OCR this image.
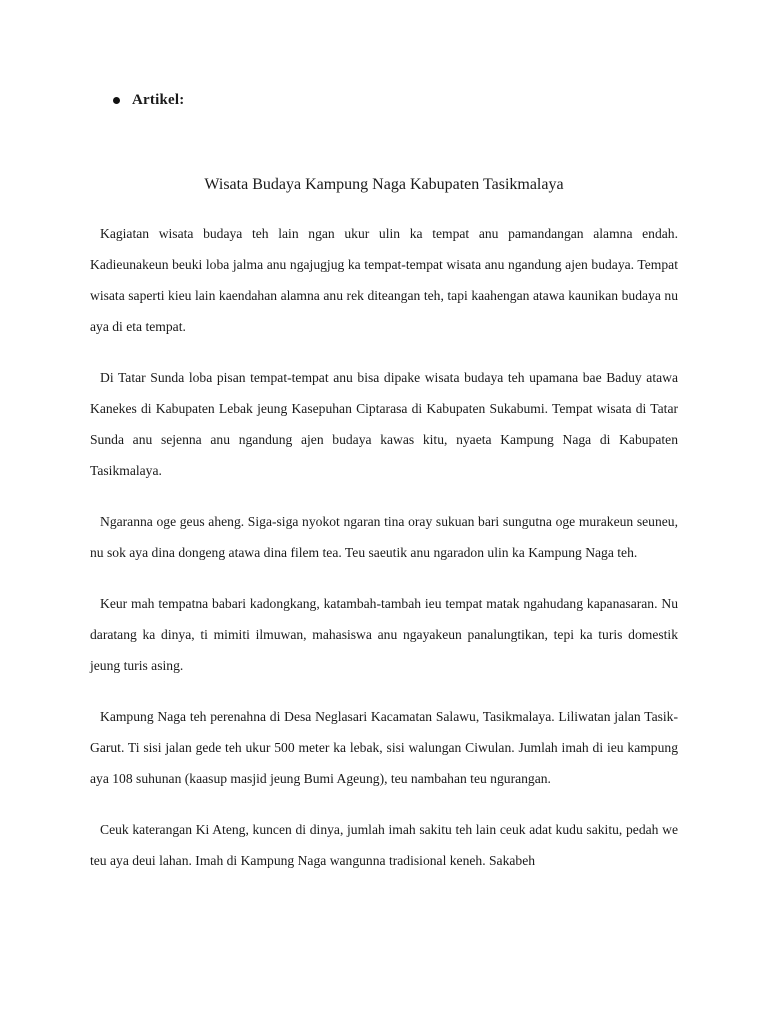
Artikel:
Wisata Budaya Kampung Naga Kabupaten Tasikmalaya

Kagiatan wisata budaya teh lain ngan ukur ulin ka tempat anu pamandangan alamna endah. Kadieunakeun beuki loba jalma anu ngajugjug ka tempat-tempat wisata anu ngandung ajen budaya. Tempat wisata saperti kieu lain kaendahan alamna anu rek diteangan teh, tapi kaahengan atawa kaunikan budaya nu aya di eta tempat.

Di Tatar Sunda loba pisan tempat-tempat anu bisa dipake wisata budaya teh upamana bae Baduy atawa Kanekes di Kabupaten Lebak jeung Kasepuhan Ciptarasa di Kabupaten Sukabumi. Tempat wisata di Tatar Sunda anu sejenna anu ngandung ajen budaya kawas kitu, nyaeta Kampung Naga di Kabupaten Tasikmalaya.

Ngaranna oge geus aheng. Siga-siga nyokot ngaran tina oray sukuan bari sungutna oge murakeun seuneu, nu sok aya dina dongeng atawa dina filem tea. Teu saeutik anu ngaradon ulin ka Kampung Naga teh.

Keur mah tempatna babari kadongkang, katambah-tambah ieu tempat matak ngahudang kapanasaran. Nu daratang ka dinya, ti mimiti ilmuwan, mahasiswa anu ngayakeun panalungtikan, tepi ka turis domestik jeung turis asing.

Kampung Naga teh perenahna di Desa Neglasari Kacamatan Salawu, Tasikmalaya. Liliwatan jalan Tasik-Garut. Ti sisi jalan gede teh ukur 500 meter ka lebak, sisi walungan Ciwulan. Jumlah imah di ieu kampung aya 108 suhunan (kaasup masjid jeung Bumi Ageung), teu nambahan teu ngurangan.

Ceuk katerangan Ki Ateng, kuncen di dinya, jumlah imah sakitu teh lain ceuk adat kudu sakitu, pedah we teu aya deui lahan. Imah di Kampung Naga wangunna tradisional keneh. Sakabeh
